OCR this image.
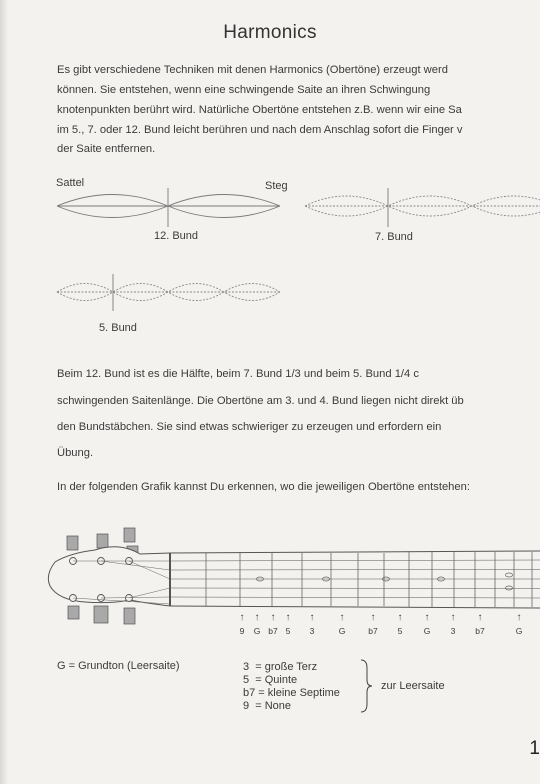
Harmonics
Es gibt verschiedene Techniken mit denen Harmonics (Obertöne) erzeugt werd
können. Sie entstehen, wenn eine schwingende Saite an ihren Schwingung
knotenpunkten berührt wird. Natürliche Obertöne entstehen z.B. wenn wir eine Sa
im 5., 7. oder 12. Bund leicht berühren und nach dem Anschlag sofort die Finger v
der Saite entfernen.
Sattel	Steg
12. Bund	7. Bund
5. Bund
Beim 12. Bund ist es die Hälfte, beim 7. Bund 1/3 und beim 5. Bund 1/4 c
schwingenden Saitenlänge. Die Obertöne am 3. und 4. Bund liegen nicht direkt üb
den Bundstäbchen. Sie sind etwas schwieriger zu erzeugen und erfordern ein
Übung.
In der folgenden Grafik kannst Du erkennen, wo die jeweiligen Obertöne entstehen:
↑	↑	↑	↑	↑	↑	↑	↑	↑	↑	↑	↑
9	G b7 5	3	G	b7	5	G	3	b7	G
G = Grundton (Leersaite)	3  = große Terz
5  = Quinte
b7 = kleine Septime
9  = None
zur Leersaite
1
